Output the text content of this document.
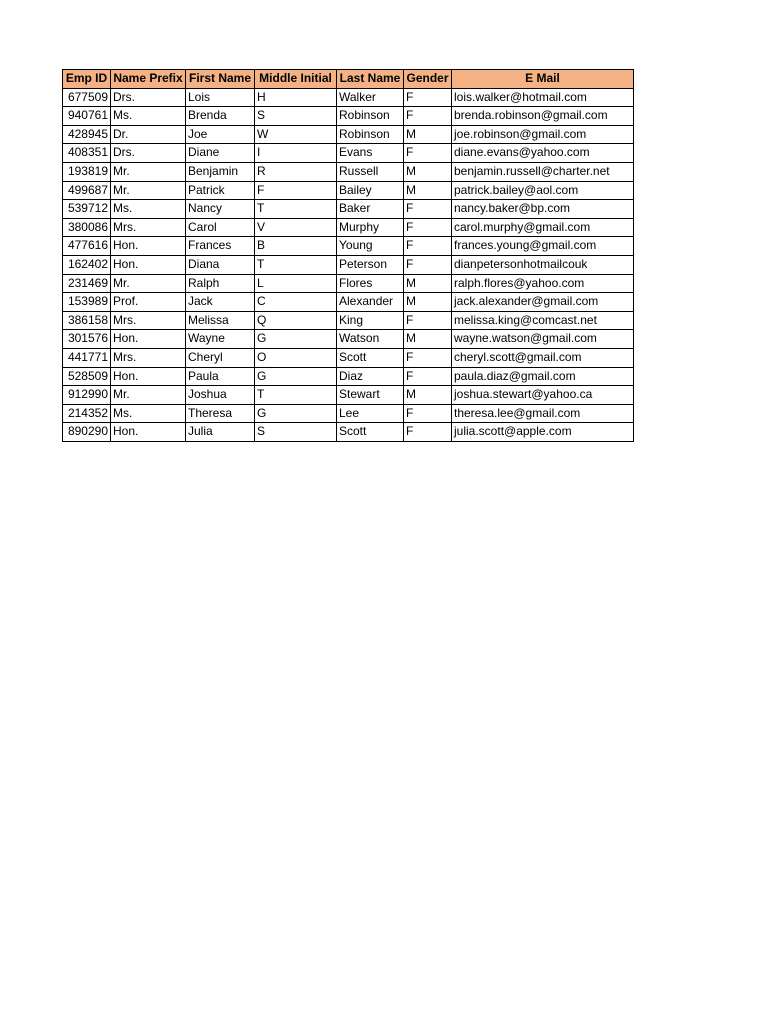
Emp ID	Name Prefix	First Name	Middle Initial	Last Name	Gender	E Mail
677509	Drs.	Lois	H	Walker	F	lois.walker@hotmail.com
940761	Ms.	Brenda	S	Robinson	F	brenda.robinson@gmail.com
428945	Dr.	Joe	W	Robinson	M	joe.robinson@gmail.com
408351	Drs.	Diane	I	Evans	F	diane.evans@yahoo.com
193819	Mr.	Benjamin	R	Russell	M	benjamin.russell@charter.net
499687	Mr.	Patrick	F	Bailey	M	patrick.bailey@aol.com
539712	Ms.	Nancy	T	Baker	F	nancy.baker@bp.com
380086	Mrs.	Carol	V	Murphy	F	carol.murphy@gmail.com
477616	Hon.	Frances	B	Young	F	frances.young@gmail.com
162402	Hon.	Diana	T	Peterson	F	dianpetersonhotmailcouk
231469	Mr.	Ralph	L	Flores	M	ralph.flores@yahoo.com
153989	Prof.	Jack	C	Alexander	M	jack.alexander@gmail.com
386158	Mrs.	Melissa	Q	King	F	melissa.king@comcast.net
301576	Hon.	Wayne	G	Watson	M	wayne.watson@gmail.com
441771	Mrs.	Cheryl	O	Scott	F	cheryl.scott@gmail.com
528509	Hon.	Paula	G	Diaz	F	paula.diaz@gmail.com
912990	Mr.	Joshua	T	Stewart	M	joshua.stewart@yahoo.ca
214352	Ms.	Theresa	G	Lee	F	theresa.lee@gmail.com
890290	Hon.	Julia	S	Scott	F	julia.scott@apple.com
